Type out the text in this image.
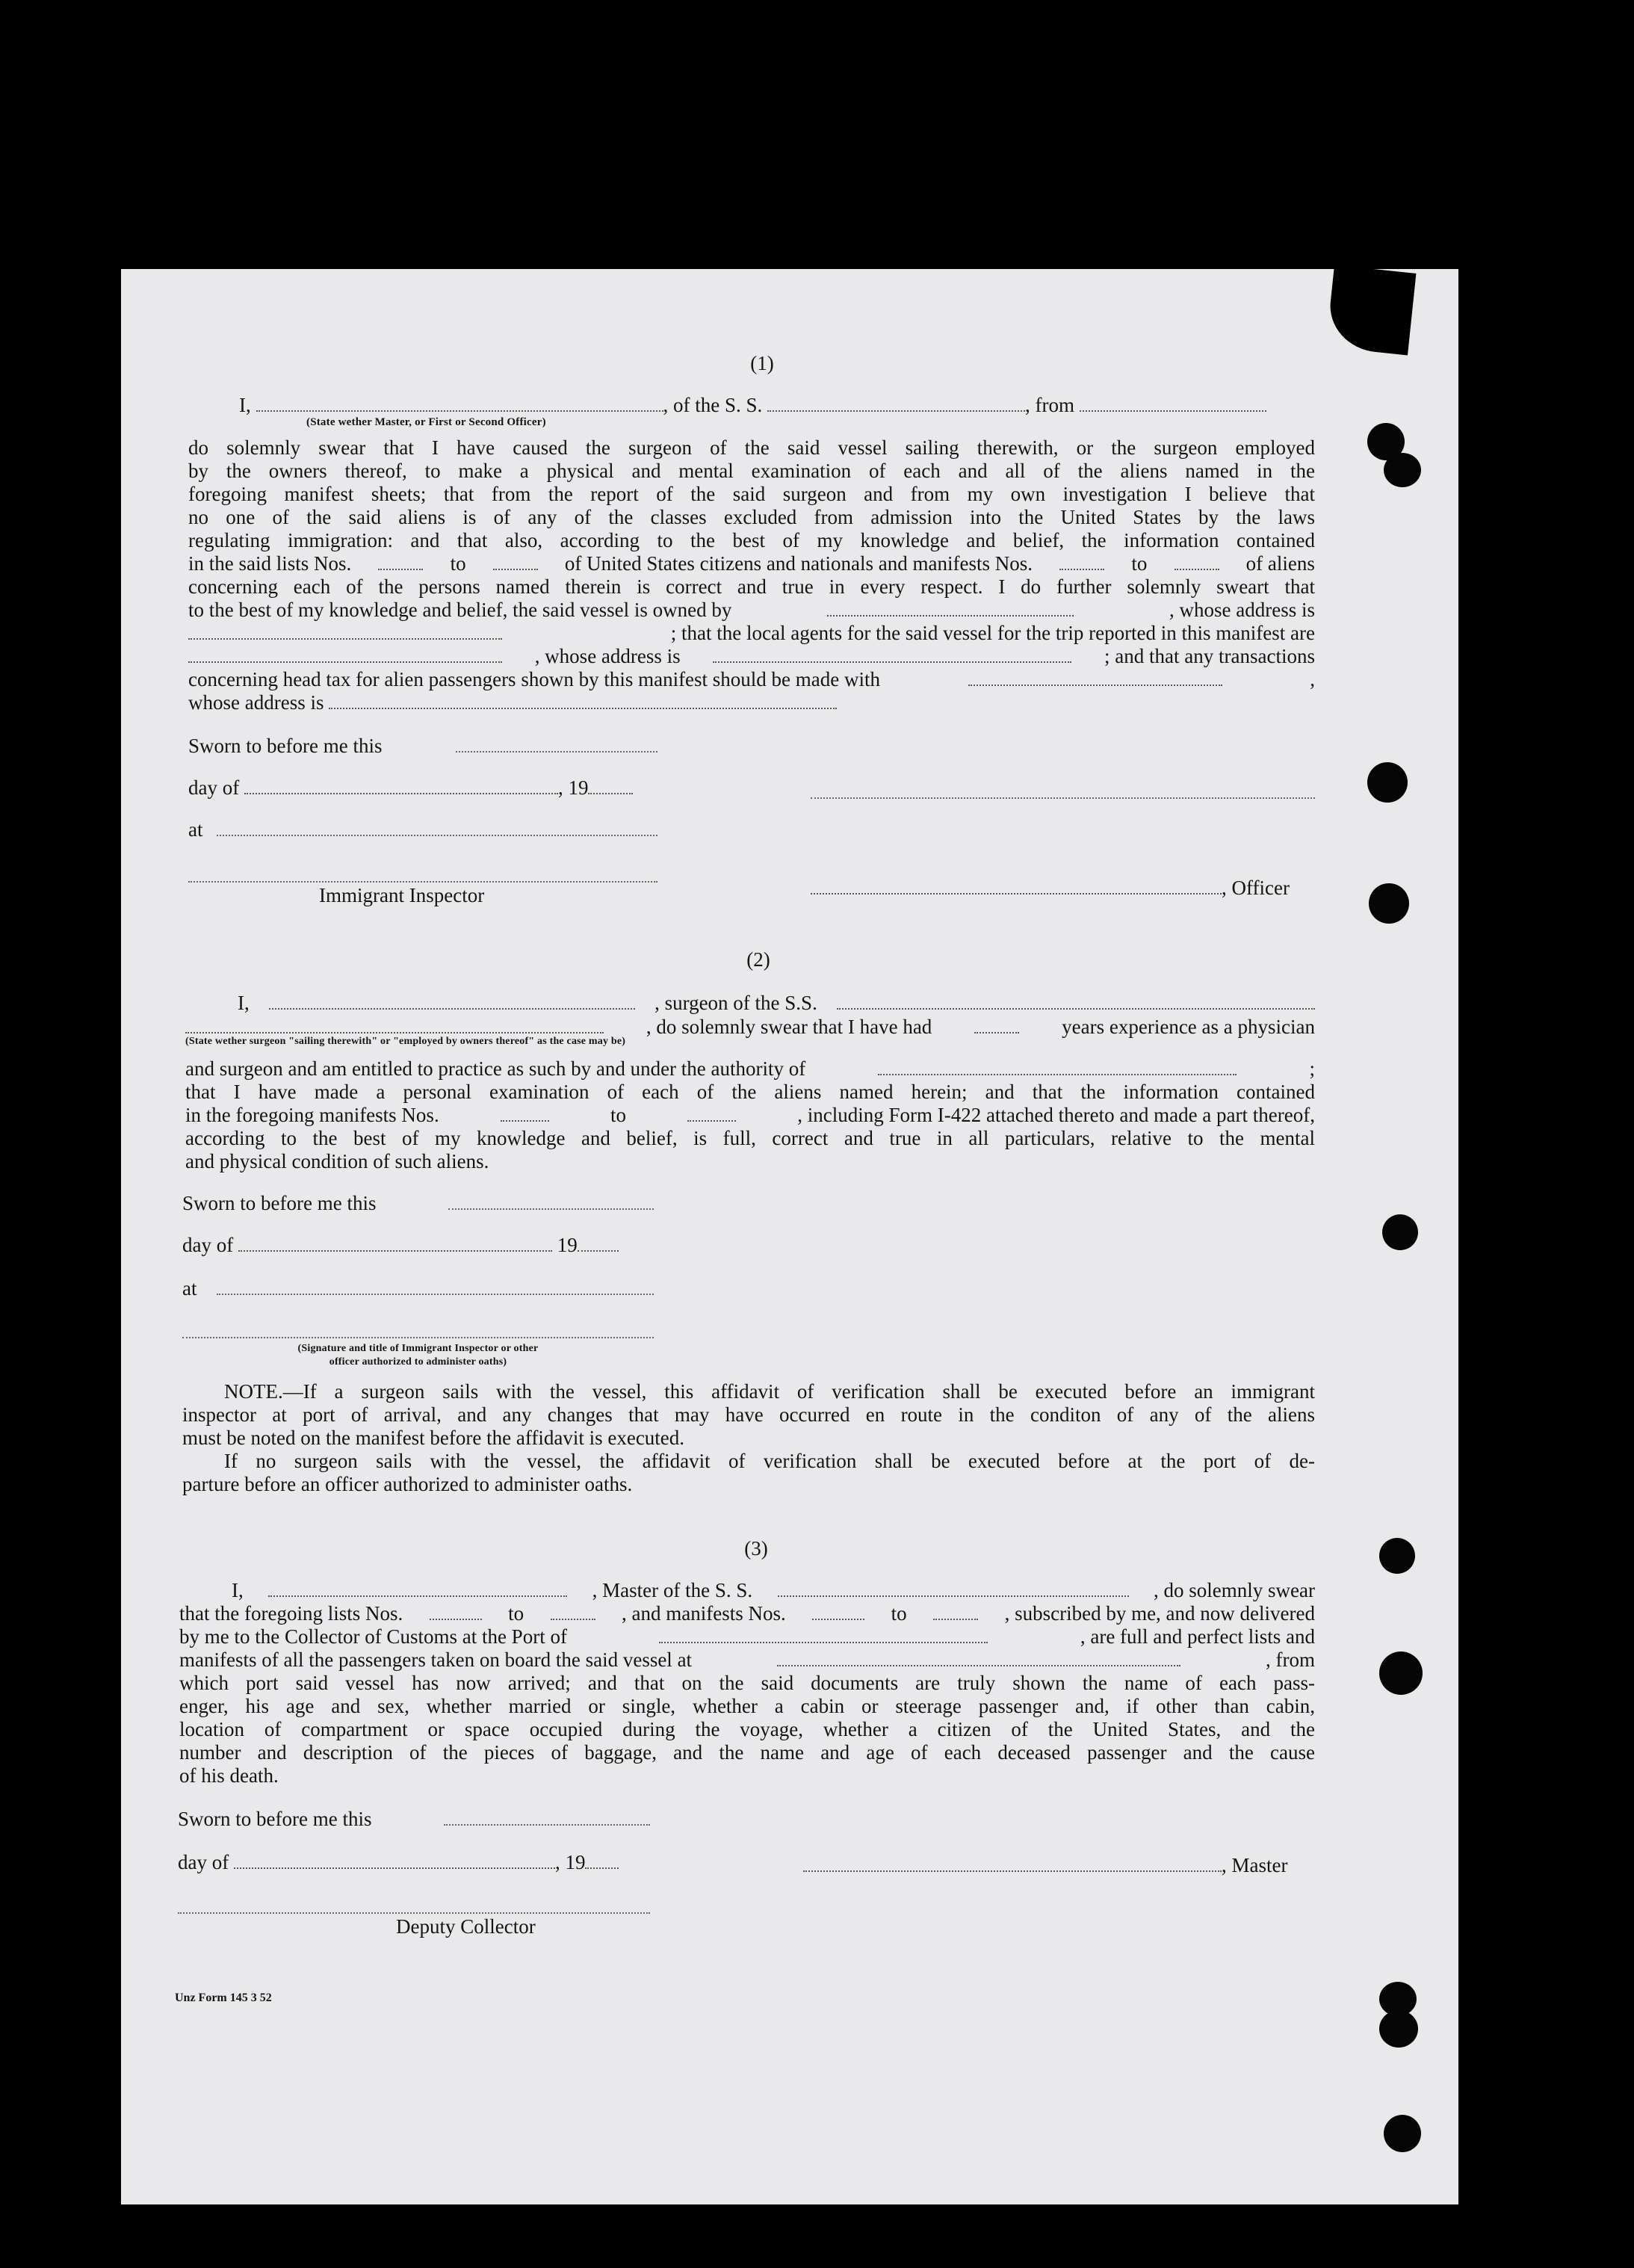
(1)
I,	, of the S. S.	, from
(State wether Master, or First or Second Officer)
do solemnly swear that I have caused the surgeon of the said vessel sailing therewith, or the surgeon employed
by the owners thereof, to make a physical and mental examination of each and all of the aliens named in the
foregoing manifest sheets; that from the report of the said surgeon and from my own investigation I believe that
no one of the said aliens is of any of the classes excluded from admission into the United States by the laws
regulating immigration: and that also, according to the best of my knowledge and belief, the information contained
in the said lists Nos.	to	of United States citizens and nationals and manifests Nos.	to	of aliens
concerning each of the persons named therein is correct and true in every respect. I do further solemnly sweart that
to the best of my knowledge and belief, the said vessel is owned by	, whose address is
; that the local agents for the said vessel for the trip reported in this manifest are
, whose address is	; and that any transactions
concerning head tax for alien passengers shown by this manifest should be made with	,
whose address is
Sworn to before me this
day of	, 19
at
Immigrant Inspector	, Officer
(2)
I,	, surgeon of the S.S.
, do solemnly swear that I have had	years experience as a physician
(State wether surgeon "sailing therewith" or "employed by owners thereof" as the case may be)
and surgeon and am entitled to practice as such by and under the authority of	;
that I have made a personal examination of each of the aliens named herein; and that the information contained
in the foregoing manifests Nos.	to	, including Form I-422 attached thereto and made a part thereof,
according to the best of my knowledge and belief, is full, correct and true in all particulars, relative to the mental
and physical condition of such aliens.
Sworn to before me this
day of	19
at
(Signature and title of Immigrant Inspector or other
officer authorized to administer oaths)
NOTE.—If a surgeon sails with the vessel, this affidavit of verification shall be executed before an immigrant
inspector at port of arrival, and any changes that may have occurred en route in the conditon of any of the aliens
must be noted on the manifest before the affidavit is executed.
If no surgeon sails with the vessel, the affidavit of verification shall be executed before at the port of de-
parture before an officer authorized to administer oaths.
(3)
I,	, Master of the S. S.	, do solemnly swear
that the foregoing lists Nos.	to	, and manifests Nos.	to	, subscribed by me, and now delivered
by me to the Collector of Customs at the Port of	, are full and perfect lists and
manifests of all the passengers taken on board the said vessel at	, from
which port said vessel has now arrived; and that on the said documents are truly shown the name of each pass-
enger, his age and sex, whether married or single, whether a cabin or steerage passenger and, if other than cabin,
location of compartment or space occupied during the voyage, whether a citizen of the United States, and the
number and description of the pieces of baggage, and the name and age of each deceased passenger and the cause
of his death.
Sworn to before me this
day of	, 19	, Master
Deputy Collector
Unz Form 145 3 52
